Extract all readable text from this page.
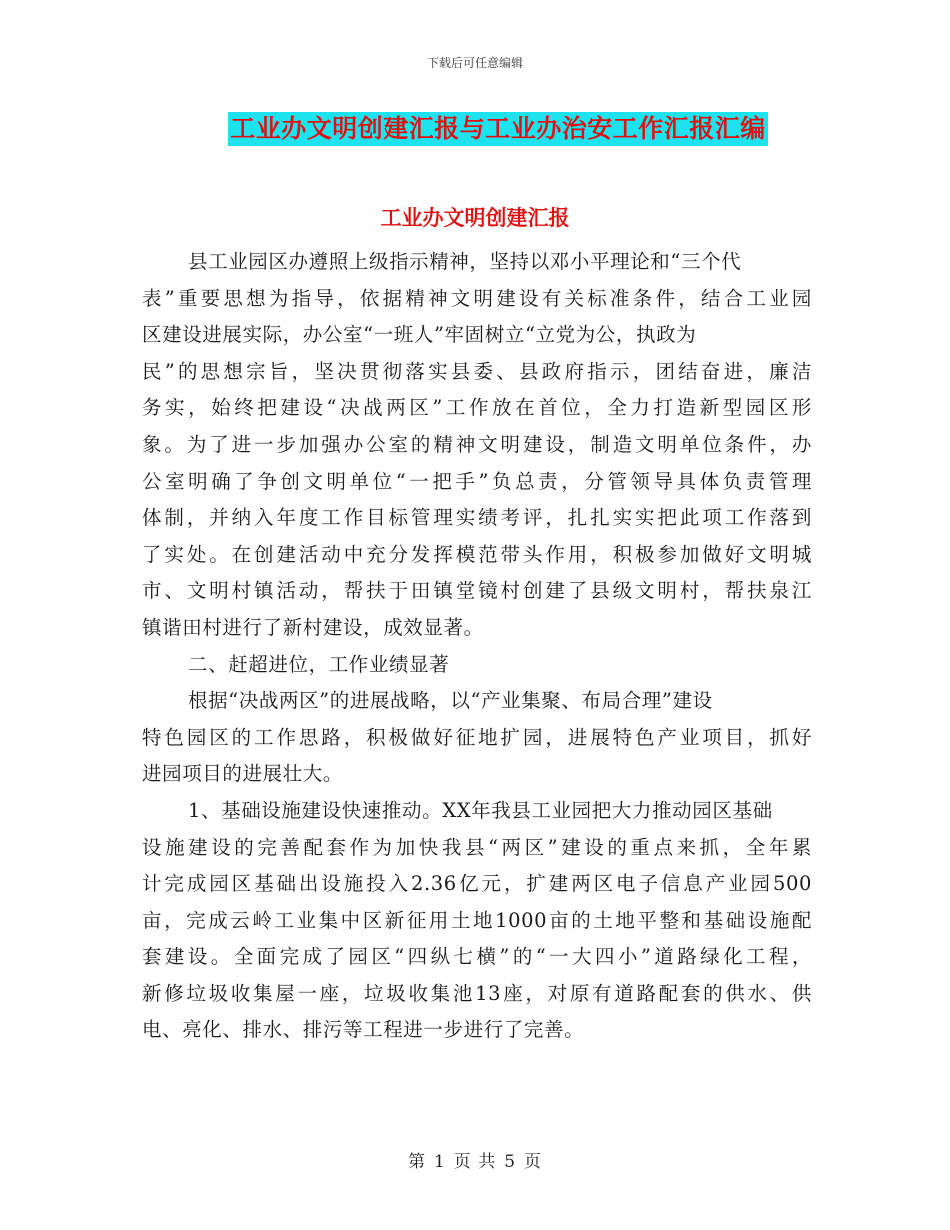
下载后可任意编辑
工业办文明创建汇报与工业办治安工作汇报汇编
工业办文明创建汇报
县工业园区办遵照上级指示精神，坚持以邓小平理论和“三个代
表”重要思想为指导，依据精神文明建设有关标准条件，结合工业园
区建设进展实际，办公室“一班人”牢固树立“立党为公，执政为
民”的思想宗旨，坚决贯彻落实县委、县政府指示，团结奋进，廉洁
务实，始终把建设“决战两区”工作放在首位，全力打造新型园区形
象。为了进一步加强办公室的精神文明建设，制造文明单位条件，办
公室明确了争创文明单位“一把手”负总责，分管领导具体负责管理
体制，并纳入年度工作目标管理实绩考评，扎扎实实把此项工作落到
了实处。在创建活动中充分发挥模范带头作用，积极参加做好文明城
市、文明村镇活动，帮扶于田镇堂镜村创建了县级文明村，帮扶泉江
镇谐田村进行了新村建设，成效显著。
二、赶超进位，工作业绩显著
根据“决战两区”的进展战略，以“产业集聚、布局合理”建设
特色园区的工作思路，积极做好征地扩园，进展特色产业项目，抓好
进园项目的进展壮大。
1、基础设施建设快速推动。XX年我县工业园把大力推动园区基础
设施建设的完善配套作为加快我县“两区”建设的重点来抓，全年累
计完成园区基础出设施投入2.36亿元，扩建两区电子信息产业园500
亩，完成云岭工业集中区新征用土地1000亩的土地平整和基础设施配
套建设。全面完成了园区“四纵七横”的“一大四小”道路绿化工程，
新修垃圾收集屋一座，垃圾收集池13座，对原有道路配套的供水、供
电、亮化、排水、排污等工程进一步进行了完善。
第 1 页 共 5 页
